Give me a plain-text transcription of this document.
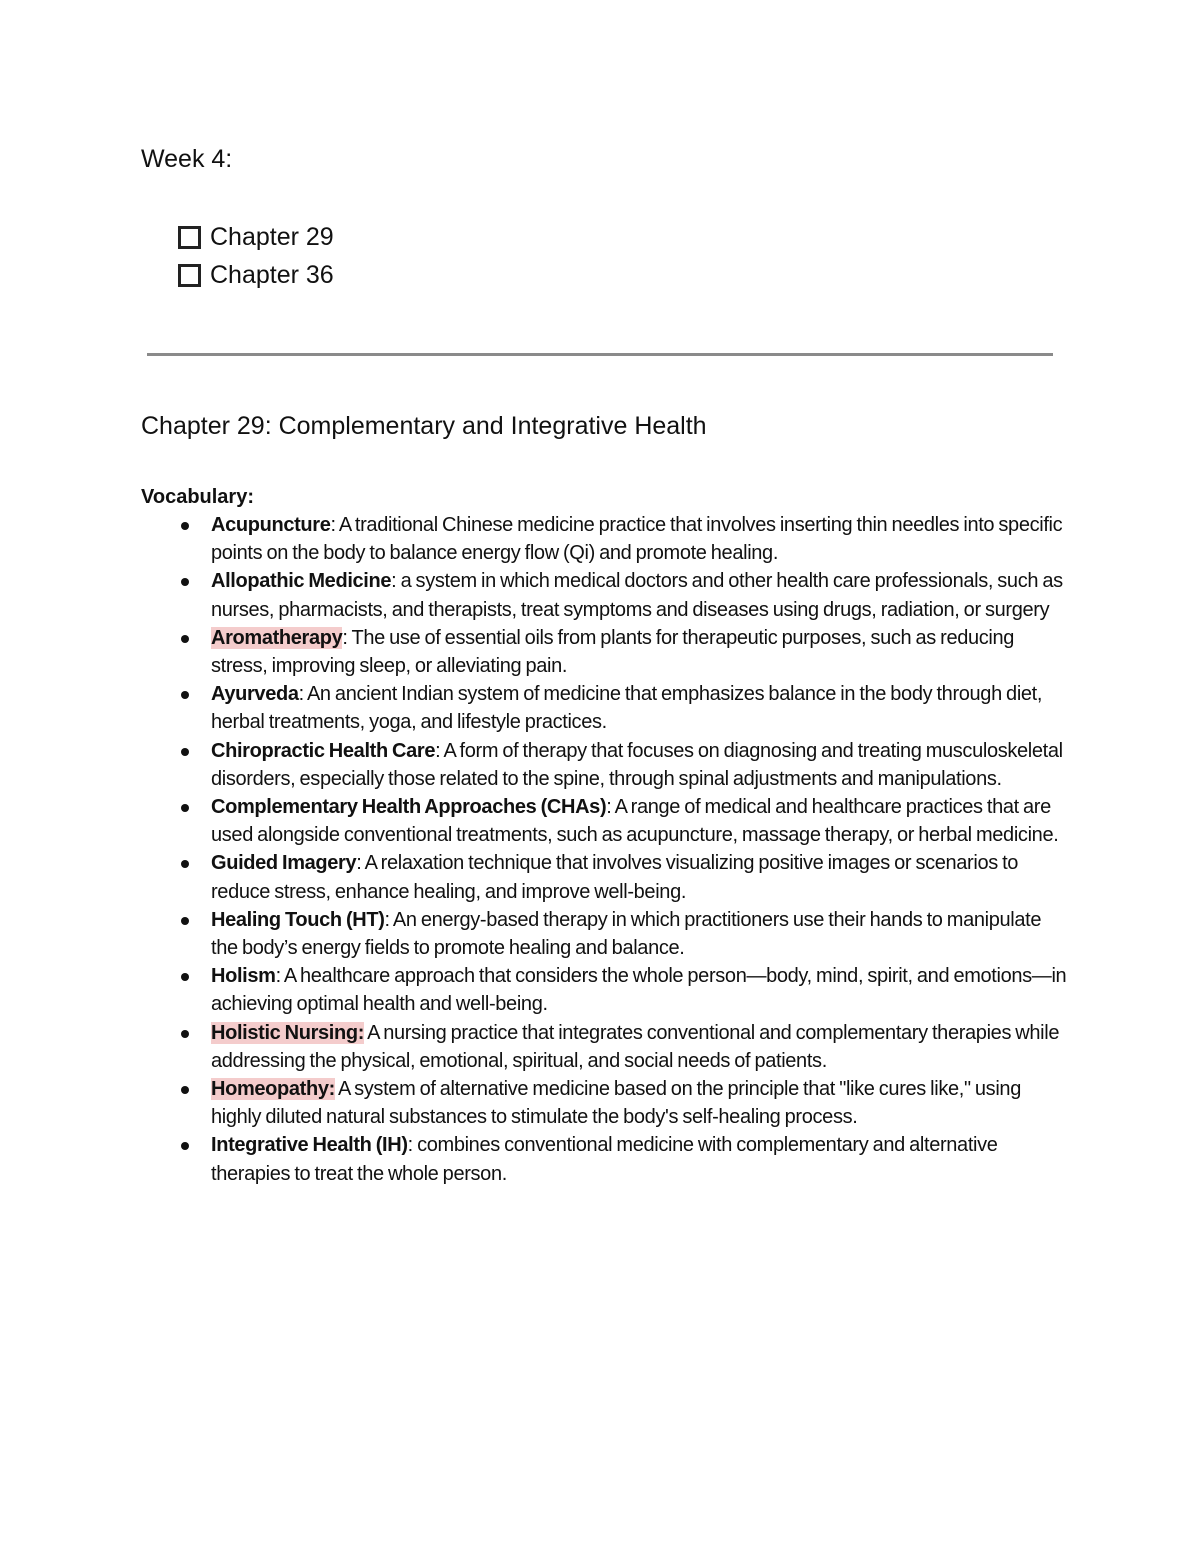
Week 4:
Chapter 29
Chapter 36
Chapter 29: Complementary and Integrative Health
Vocabulary:
Acupuncture: A traditional Chinese medicine practice that involves inserting thin needles into specific points on the body to balance energy flow (Qi) and promote healing.
Allopathic Medicine: a system in which medical doctors and other health care professionals, such as nurses, pharmacists, and therapists, treat symptoms and diseases using drugs, radiation, or surgery
Aromatherapy: The use of essential oils from plants for therapeutic purposes, such as reducing stress, improving sleep, or alleviating pain.
Ayurveda: An ancient Indian system of medicine that emphasizes balance in the body through diet, herbal treatments, yoga, and lifestyle practices.
Chiropractic Health Care: A form of therapy that focuses on diagnosing and treating musculoskeletal disorders, especially those related to the spine, through spinal adjustments and manipulations.
Complementary Health Approaches (CHAs): A range of medical and healthcare practices that are used alongside conventional treatments, such as acupuncture, massage therapy, or herbal medicine.
Guided Imagery: A relaxation technique that involves visualizing positive images or scenarios to reduce stress, enhance healing, and improve well-being.
Healing Touch (HT): An energy-based therapy in which practitioners use their hands to manipulate the body’s energy fields to promote healing and balance.
Holism: A healthcare approach that considers the whole person—body, mind, spirit, and emotions—in achieving optimal health and well-being.
Holistic Nursing: A nursing practice that integrates conventional and complementary therapies while addressing the physical, emotional, spiritual, and social needs of patients.
Homeopathy: A system of alternative medicine based on the principle that "like cures like," using highly diluted natural substances to stimulate the body's self-healing process.
Integrative Health (IH): combines conventional medicine with complementary and alternative therapies to treat the whole person.
